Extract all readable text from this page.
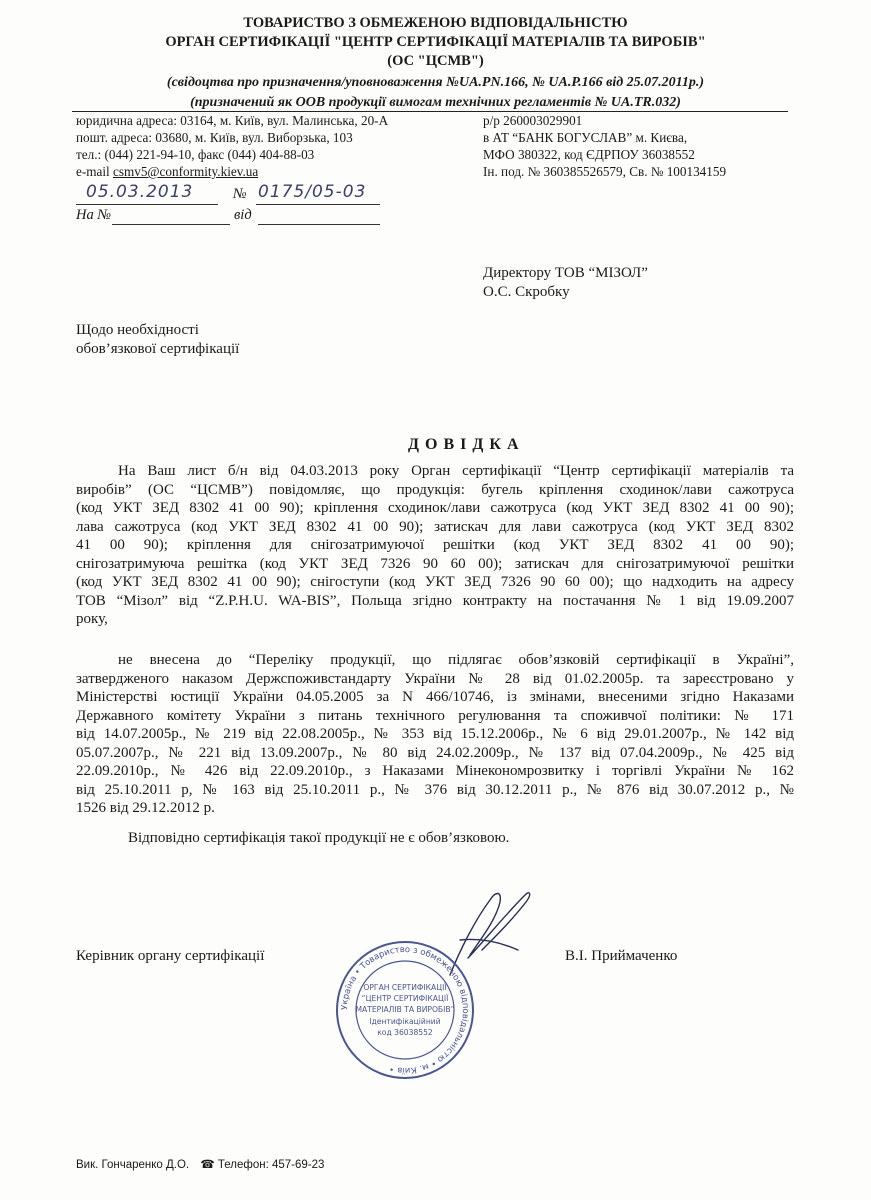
ТОВАРИСТВО З ОБМЕЖЕНОЮ ВІДПОВІДАЛЬНІСТЮ
ОРГАН СЕРТИФІКАЦІЇ "ЦЕНТР СЕРТИФІКАЦІЇ МАТЕРІАЛІВ ТА ВИРОБІВ"
(ОС "ЦСМВ")
(свідоцтва про призначення/уповноваження №UA.PN.166, № UA.P.166 від 25.07.2011р.)
(призначений як ООВ продукції вимогам технічних регламентів № UA.TR.032)
юридична адреса: 03164, м. Київ, вул. Малинська, 20-А
пошт. адреса: 03680, м. Київ, вул. Виборзька, 103
тел.: (044) 221-94-10, факс (044) 404-88-03
e-mail csmv5@conformity.kiev.ua
р/р 260003029901
в АТ “БАНК БОГУСЛАВ” м. Києва,
МФО 380322, код ЄДРПОУ 36038552
Ін. под. № 360385526579, Св. № 100134159
05.03.2013	№ 0175/05-03
На №	від
Директору ТОВ “МІЗОЛ”
О.С. Скробку
Щодо необхідності
обов’язкової сертифікації
ДОВІДКА
На Ваш лист б/н від 04.03.2013 року Орган сертифікації “Центр сертифікації матеріалів та
виробів” (ОС “ЦСМВ”) повідомляє, що продукція: бугель кріплення сходинок/лави сажотруса
(код УКТ ЗЕД 8302 41 00 90); кріплення сходинок/лави сажотруса (код УКТ ЗЕД 8302 41 00 90);
лава сажотруса (код УКТ ЗЕД 8302 41 00 90); затискач для лави сажотруса (код УКТ ЗЕД 8302
41 00 90); кріплення для снігозатримуючої решітки (код УКТ ЗЕД 8302 41 00 90);
снігозатримуюча решітка (код УКТ ЗЕД 7326 90 60 00); затискач для снігозатримуючої решітки
(код УКТ ЗЕД 8302 41 00 90); снігоступи (код УКТ ЗЕД 7326 90 60 00); що надходить на адресу
ТОВ “Мізол” від “Z.P.H.U. WA-BIS”, Польща згідно контракту на постачання № 1 від 19.09.2007
року,
не внесена до “Переліку продукції, що підлягає обов’язковій сертифікації в Україні”,
затвердженого наказом Держспоживстандарту України № 28 від 01.02.2005р. та зареєстровано у
Міністерстві юстиції України 04.05.2005 за N 466/10746, із змінами, внесеними згідно Наказами
Державного комітету України з питань технічного регулювання та споживчої політики: № 171
від 14.07.2005р., № 219 від 22.08.2005р., № 353 від 15.12.2006р., № 6 від 29.01.2007р., № 142 від
05.07.2007р., № 221 від 13.09.2007р., № 80 від 24.02.2009р., № 137 від 07.04.2009р., № 425 від
22.09.2010р., № 426 від 22.09.2010р., з Наказами Мінекономрозвитку і торгівлі України № 162
від 25.10.2011 р, № 163 від 25.10.2011 р., № 376 від 30.12.2011 р., № 876 від 30.07.2012 р., №
1526 від 29.12.2012 р.
Відповідно сертифікація такої продукції не є обов’язковою.
Керівник органу сертифікації	В.І. Приймаченко
Україна • Товариство з обмеженою відповідальністю • м. Київ •
ОРГАН СЕРТИФІКАЦІЇ
“ЦЕНТР СЕРТИФІКАЦІЇ
МАТЕРІАЛІВ ТА ВИРОБІВ”
Ідентифікаційний
код 36038552
Вик. Гончаренко Д.О. ☎ Телефон: 457-69-23
